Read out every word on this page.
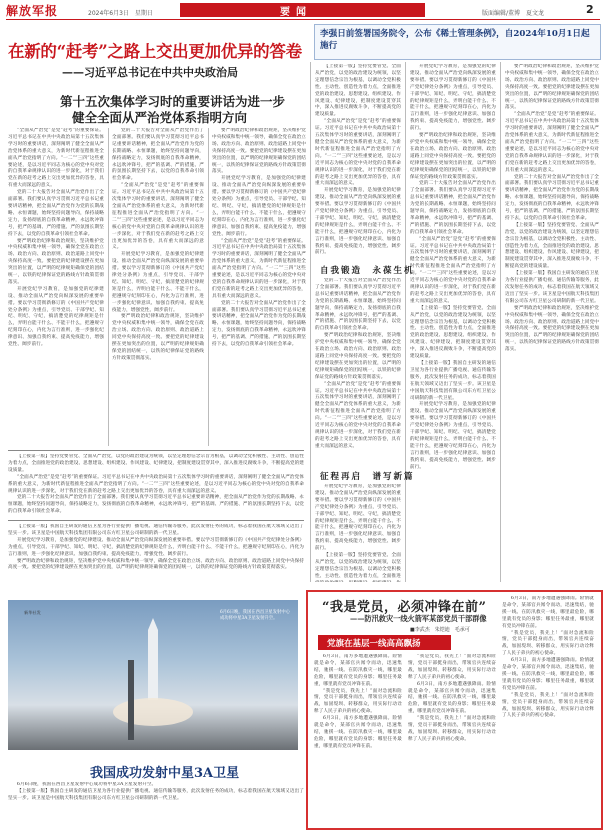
解放军报	2024年6月3日　星期日	要闻	版面编辑/董博　夏文龙	2
在新的“赶考”之路上交出更加优异的答卷
——习近平总书记在中共中央政治局
第十五次集体学习时的重要讲话为进一步
健全全面从严治党体系指明方向
李强日前签署国务院令，公布《稀土管理条例》，自2024年10月1日起施行

“全面从严治党”是党“赶考”的重要保证。习近平总书记在中共中央政治局第十五次集体学习时的重要讲话，深刻阐明了健全全面从严治党体系的重大意义，为新时代新征程推进全面从严治党指明了方向。“一二”“三四”这些重要论述，是以习近平同志为核心的党中央对党的自我革命规律认识的进一步深化，对于我们党在新的赶考之路上交出更加优异的答卷，具有重大而深远的意义。

党的二十大报告对全面从严治党作出了全面部署。我们要认真学习贯彻习近平总书记重要讲话精神，把全面从严治党作为党的长期战略、永恒课题，始终坚持问题导向，保持战略定力，发扬彻底的自我革命精神，永远吹冲锋号，把严的基调、严的措施、严的氛围长期坚持下去，以党的自我革命引领社会革命。

要严明政治纪律和政治规矩，坚决维护党中央权威和集中统一领导，确保全党在政治立场、政治方向、政治原则、政治道路上同党中央保持高度一致。要把党的纪律建设摆在更加突出的位置，以严明的纪律规矩确保党的团结统一，以铁的纪律保证党的路线方针政策贯彻落实。

开展党纪学习教育，是加强党的纪律建设、推动全面从严治党向纵深发展的重要举措。要以学习贯彻新修订的《中国共产党纪律处分条例》为重点，引导党员、干部学纪、知纪、明纪、守纪，搞清楚党的纪律规矩是什么，弄明白能干什么、不能干什么，把遵规守纪刻印在心，内化为言行准则，进一步强化纪律意识、加强自我约束、提高免疫能力，增强党性、阔步前行。

党的二十大报告对全面从严治党作出了全面部署。我们要认真学习贯彻习近平总书记重要讲话精神，把全面从严治党作为党的长期战略、永恒课题，始终坚持问题导向，保持战略定力，发扬彻底的自我革命精神，永远吹冲锋号，把严的基调、严的措施、严的氛围长期坚持下去，以党的自我革命引领社会革命。

“全面从严治党”是党“赶考”的重要保证。习近平总书记在中共中央政治局第十五次集体学习时的重要讲话，深刻阐明了健全全面从严治党体系的重大意义，为新时代新征程推进全面从严治党指明了方向。“一二”“三四”这些重要论述，是以习近平同志为核心的党中央对党的自我革命规律认识的进一步深化，对于我们党在新的赶考之路上交出更加优异的答卷，具有重大而深远的意义。

开展党纪学习教育，是加强党的纪律建设、推动全面从严治党向纵深发展的重要举措。要以学习贯彻新修订的《中国共产党纪律处分条例》为重点，引导党员、干部学纪、知纪、明纪、守纪，搞清楚党的纪律规矩是什么，弄明白能干什么、不能干什么，把遵规守纪刻印在心，内化为言行准则，进一步强化纪律意识、加强自我约束、提高免疫能力，增强党性、阔步前行。

要严明政治纪律和政治规矩，坚决维护党中央权威和集中统一领导，确保全党在政治立场、政治方向、政治原则、政治道路上同党中央保持高度一致。要把党的纪律建设摆在更加突出的位置，以严明的纪律规矩确保党的团结统一，以铁的纪律保证党的路线方针政策贯彻落实。

要严明政治纪律和政治规矩，坚决维护党中央权威和集中统一领导，确保全党在政治立场、政治方向、政治原则、政治道路上同党中央保持高度一致。要把党的纪律建设摆在更加突出的位置，以严明的纪律规矩确保党的团结统一，以铁的纪律保证党的路线方针政策贯彻落实。

开展党纪学习教育，是加强党的纪律建设、推动全面从严治党向纵深发展的重要举措。要以学习贯彻新修订的《中国共产党纪律处分条例》为重点，引导党员、干部学纪、知纪、明纪、守纪，搞清楚党的纪律规矩是什么，弄明白能干什么、不能干什么，把遵规守纪刻印在心，内化为言行准则，进一步强化纪律意识、加强自我约束、提高免疫能力，增强党性、阔步前行。

“全面从严治党”是党“赶考”的重要保证。习近平总书记在中共中央政治局第十五次集体学习时的重要讲话，深刻阐明了健全全面从严治党体系的重大意义，为新时代新征程推进全面从严治党指明了方向。“一二”“三四”这些重要论述，是以习近平同志为核心的党中央对党的自我革命规律认识的进一步深化，对于我们党在新的赶考之路上交出更加优异的答卷，具有重大而深远的意义。

党的二十大报告对全面从严治党作出了全面部署。我们要认真学习贯彻习近平总书记重要讲话精神，把全面从严治党作为党的长期战略、永恒课题，始终坚持问题导向，保持战略定力，发扬彻底的自我革命精神，永远吹冲锋号，把严的基调、严的措施、严的氛围长期坚持下去，以党的自我革命引领社会革命。

【上接第一版】坚持党要管党、全面从严治党，以党的政治建设为统领，以坚定理想信念宗旨为根基，以调动全党积极性、主动性、创造性为着力点，全面推进党的政治建设、思想建设、组织建设、作风建设、纪律建设，把制度建设贯穿其中，深入推进反腐败斗争，不断提高党的建设质量。

“全面从严治党”是党“赶考”的重要保证。习近平总书记在中共中央政治局第十五次集体学习时的重要讲话，深刻阐明了健全全面从严治党体系的重大意义，为新时代新征程推进全面从严治党指明了方向。“一二”“三四”这些重要论述，是以习近平同志为核心的党中央对党的自我革命规律认识的进一步深化，对于我们党在新的赶考之路上交出更加优异的答卷，具有重大而深远的意义。

党的二十大报告对全面从严治党作出了全面部署。我们要认真学习贯彻习近平总书记重要讲话精神，把全面从严治党作为党的长期战略、永恒课题，始终坚持问题导向，保持战略定力，发扬彻底的自我革命精神，永远吹冲锋号，把严的基调、严的措施、严的氛围长期坚持下去，以党的自我革命引领社会革命。

【上接第一版】我国自主研发的通信卫星为各行业提供广播电视、通信传输等服务，此次发射任务的成功，标志着我国在航天领域又迈出了坚实一步。该卫星是中国航天科技集团有限公司东方红卫星公司研制的新一代卫星。

开展党纪学习教育，是加强党的纪律建设、推动全面从严治党向纵深发展的重要举措。要以学习贯彻新修订的《中国共产党纪律处分条例》为重点，引导党员、干部学纪、知纪、明纪、守纪，搞清楚党的纪律规矩是什么，弄明白能干什么、不能干什么，把遵规守纪刻印在心，内化为言行准则，进一步强化纪律意识、加强自我约束、提高免疫能力，增强党性、阔步前行。

要严明政治纪律和政治规矩，坚决维护党中央权威和集中统一领导，确保全党在政治立场、政治方向、政治原则、政治道路上同党中央保持高度一致。要把党的纪律建设摆在更加突出的位置，以严明的纪律规矩确保党的团结统一，以铁的纪律保证党的路线方针政策贯彻落实。

【上接第一版】坚持党要管党、全面从严治党，以党的政治建设为统领，以坚定理想信念宗旨为根基，以调动全党积极性、主动性、创造性为着力点，全面推进党的政治建设、思想建设、组织建设、作风建设、纪律建设，把制度建设贯穿其中，深入推进反腐败斗争，不断提高党的建设质量。

“全面从严治党”是党“赶考”的重要保证。习近平总书记在中共中央政治局第十五次集体学习时的重要讲话，深刻阐明了健全全面从严治党体系的重大意义，为新时代新征程推进全面从严治党指明了方向。“一二”“三四”这些重要论述，是以习近平同志为核心的党中央对党的自我革命规律认识的进一步深化，对于我们党在新的赶考之路上交出更加优异的答卷，具有重大而深远的意义。

开展党纪学习教育，是加强党的纪律建设、推动全面从严治党向纵深发展的重要举措。要以学习贯彻新修订的《中国共产党纪律处分条例》为重点，引导党员、干部学纪、知纪、明纪、守纪，搞清楚党的纪律规矩是什么，弄明白能干什么、不能干什么，把遵规守纪刻印在心，内化为言行准则，进一步强化纪律意识、加强自我约束、提高免疫能力，增强党性、阔步前行。

开展党纪学习教育，是加强党的纪律建设、推动全面从严治党向纵深发展的重要举措。要以学习贯彻新修订的《中国共产党纪律处分条例》为重点，引导党员、干部学纪、知纪、明纪、守纪，搞清楚党的纪律规矩是什么，弄明白能干什么、不能干什么，把遵规守纪刻印在心，内化为言行准则，进一步强化纪律意识、加强自我约束、提高免疫能力，增强党性、阔步前行。

要严明政治纪律和政治规矩，坚决维护党中央权威和集中统一领导，确保全党在政治立场、政治方向、政治原则、政治道路上同党中央保持高度一致。要把党的纪律建设摆在更加突出的位置，以严明的纪律规矩确保党的团结统一，以铁的纪律保证党的路线方针政策贯彻落实。

党的二十大报告对全面从严治党作出了全面部署。我们要认真学习贯彻习近平总书记重要讲话精神，把全面从严治党作为党的长期战略、永恒课题，始终坚持问题导向，保持战略定力，发扬彻底的自我革命精神，永远吹冲锋号，把严的基调、严的措施、严的氛围长期坚持下去，以党的自我革命引领社会革命。

“全面从严治党”是党“赶考”的重要保证。习近平总书记在中共中央政治局第十五次集体学习时的重要讲话，深刻阐明了健全全面从严治党体系的重大意义，为新时代新征程推进全面从严治党指明了方向。“一二”“三四”这些重要论述，是以习近平同志为核心的党中央对党的自我革命规律认识的进一步深化，对于我们党在新的赶考之路上交出更加优异的答卷，具有重大而深远的意义。

【上接第一版】坚持党要管党、全面从严治党，以党的政治建设为统领，以坚定理想信念宗旨为根基，以调动全党积极性、主动性、创造性为着力点，全面推进党的政治建设、思想建设、组织建设、作风建设、纪律建设，把制度建设贯穿其中，深入推进反腐败斗争，不断提高党的建设质量。

【上接第一版】我国自主研发的通信卫星为各行业提供广播电视、通信传输等服务，此次发射任务的成功，标志着我国在航天领域又迈出了坚实一步。该卫星是中国航天科技集团有限公司东方红卫星公司研制的新一代卫星。

开展党纪学习教育，是加强党的纪律建设、推动全面从严治党向纵深发展的重要举措。要以学习贯彻新修订的《中国共产党纪律处分条例》为重点，引导党员、干部学纪、知纪、明纪、守纪，搞清楚党的纪律规矩是什么，弄明白能干什么、不能干什么，把遵规守纪刻印在心，内化为言行准则，进一步强化纪律意识、加强自我约束、提高免疫能力，增强党性、阔步前行。

要严明政治纪律和政治规矩，坚决维护党中央权威和集中统一领导，确保全党在政治立场、政治方向、政治原则、政治道路上同党中央保持高度一致。要把党的纪律建设摆在更加突出的位置，以严明的纪律规矩确保党的团结统一，以铁的纪律保证党的路线方针政策贯彻落实。

“全面从严治党”是党“赶考”的重要保证。习近平总书记在中共中央政治局第十五次集体学习时的重要讲话，深刻阐明了健全全面从严治党体系的重大意义，为新时代新征程推进全面从严治党指明了方向。“一二”“三四”这些重要论述，是以习近平同志为核心的党中央对党的自我革命规律认识的进一步深化，对于我们党在新的赶考之路上交出更加优异的答卷，具有重大而深远的意义。

党的二十大报告对全面从严治党作出了全面部署。我们要认真学习贯彻习近平总书记重要讲话精神，把全面从严治党作为党的长期战略、永恒课题，始终坚持问题导向，保持战略定力，发扬彻底的自我革命精神，永远吹冲锋号，把严的基调、严的措施、严的氛围长期坚持下去，以党的自我革命引领社会革命。

【上接第一版】坚持党要管党、全面从严治党，以党的政治建设为统领，以坚定理想信念宗旨为根基，以调动全党积极性、主动性、创造性为着力点，全面推进党的政治建设、思想建设、组织建设、作风建设、纪律建设，把制度建设贯穿其中，深入推进反腐败斗争，不断提高党的建设质量。

【上接第一版】我国自主研发的通信卫星为各行业提供广播电视、通信传输等服务，此次发射任务的成功，标志着我国在航天领域又迈出了坚实一步。该卫星是中国航天科技集团有限公司东方红卫星公司研制的新一代卫星。

要严明政治纪律和政治规矩，坚决维护党中央权威和集中统一领导，确保全党在政治立场、政治方向、政治原则、政治道路上同党中央保持高度一致。要把党的纪律建设摆在更加突出的位置，以严明的纪律规矩确保党的团结统一，以铁的纪律保证党的路线方针政策贯彻落实。

自我锻造　永葆生机

党的二十大报告对全面从严治党作出了全面部署。我们要认真学习贯彻习近平总书记重要讲话精神，把全面从严治党作为党的长期战略、永恒课题，始终坚持问题导向，保持战略定力，发扬彻底的自我革命精神，永远吹冲锋号，把严的基调、严的措施、严的氛围长期坚持下去，以党的自我革命引领社会革命。

要严明政治纪律和政治规矩，坚决维护党中央权威和集中统一领导，确保全党在政治立场、政治方向、政治原则、政治道路上同党中央保持高度一致。要把党的纪律建设摆在更加突出的位置，以严明的纪律规矩确保党的团结统一，以铁的纪律保证党的路线方针政策贯彻落实。

“全面从严治党”是党“赶考”的重要保证。习近平总书记在中共中央政治局第十五次集体学习时的重要讲话，深刻阐明了健全全面从严治党体系的重大意义，为新时代新征程推进全面从严治党指明了方向。“一二”“三四”这些重要论述，是以习近平同志为核心的党中央对党的自我革命规律认识的进一步深化，对于我们党在新的赶考之路上交出更加优异的答卷，具有重大而深远的意义。

征程再启　谱写新篇

开展党纪学习教育，是加强党的纪律建设、推动全面从严治党向纵深发展的重要举措。要以学习贯彻新修订的《中国共产党纪律处分条例》为重点，引导党员、干部学纪、知纪、明纪、守纪，搞清楚党的纪律规矩是什么，弄明白能干什么、不能干什么，把遵规守纪刻印在心，内化为言行准则，进一步强化纪律意识、加强自我约束、提高免疫能力，增强党性、阔步前行。

【上接第一版】坚持党要管党、全面从严治党，以党的政治建设为统领，以坚定理想信念宗旨为根基，以调动全党积极性、主动性、创造性为着力点，全面推进

6月6日晚，我国在西昌卫星发射中心成功将中星3A卫星发射升空。
新华社发
我国成功发射中星3A卫星

6月6日晚，我国在西昌卫星发射中心成功将中星3A卫星发射升空。

【上接第一版】我国自主研发的通信卫星为各行业提供广播电视、通信传输等服务，此次发射任务的成功，标志着我国在航天领域又迈出了坚实一步。该卫星是中国航天科技集团有限公司东方红卫星公司研制的新一代卫星。

“我是党员，必须冲锋在前”
——防汛救灾一线火箭军某部党员干部群像
■李武杰　朱铠迪　毛承可
党旗在基层一线高高飘扬

6月3日，南方多地遭遇强降雨。险情就是命令，某部官兵闻令而动，迅速集结，驰援一线。在防汛救灾一线，哪里最危险，哪里就有党员的身影；哪里任务最重，哪里就有党员冲锋在前。

“我是党员，我先上！”面对急流和险情，党员干部挺身而出，带领官兵连续奋战，加固堤坝、转移群众，用实际行动诠释了人民子弟兵的初心使命。

6月3日，南方多地遭遇强降雨。险情就是命令，某部官兵闻令而动，迅速集结，驰援一线。在防汛救灾一线，哪里最危险，哪里就有党员的身影；哪里任务最重，哪里就有党员冲锋在前。

“我是党员，我先上！”面对急流和险情，党员干部挺身而出，带领官兵连续奋战，加固堤坝、转移群众，用实际行动诠释了人民子弟兵的初心使命。

6月3日，南方多地遭遇强降雨。险情就是命令，某部官兵闻令而动，迅速集结，驰援一线。在防汛救灾一线，哪里最危险，哪里就有党员的身影；哪里任务最重，哪里就有党员冲锋在前。

“我是党员，我先上！”面对急流和险情，党员干部挺身而出，带领官兵连续奋战，加固堤坝、转移群众，用实际行动诠释了人民子弟兵的初心使命。

6月3日，南方多地遭遇强降雨。险情就是命令，某部官兵闻令而动，迅速集结，驰援一线。在防汛救灾一线，哪里最危险，哪里就有党员的身影；哪里任务最重，哪里就有党员冲锋在前。

“我是党员，我先上！”面对急流和险情，党员干部挺身而出，带领官兵连续奋战，加固堤坝、转移群众，用实际行动诠释了人民子弟兵的初心使命。

6月3日，南方多地遭遇强降雨。险情就是命令，某部官兵闻令而动，迅速集结，驰援一线。在防汛救灾一线，哪里最危险，哪里就有党员的身影；哪里任务最重，哪里就有党员冲锋在前。

“我是党员，我先上！”面对急流和险情，党员干部挺身而出，带领官兵连续奋战，加固堤坝、转移群众，用实际行动诠释了人民子弟兵的初心使命。
